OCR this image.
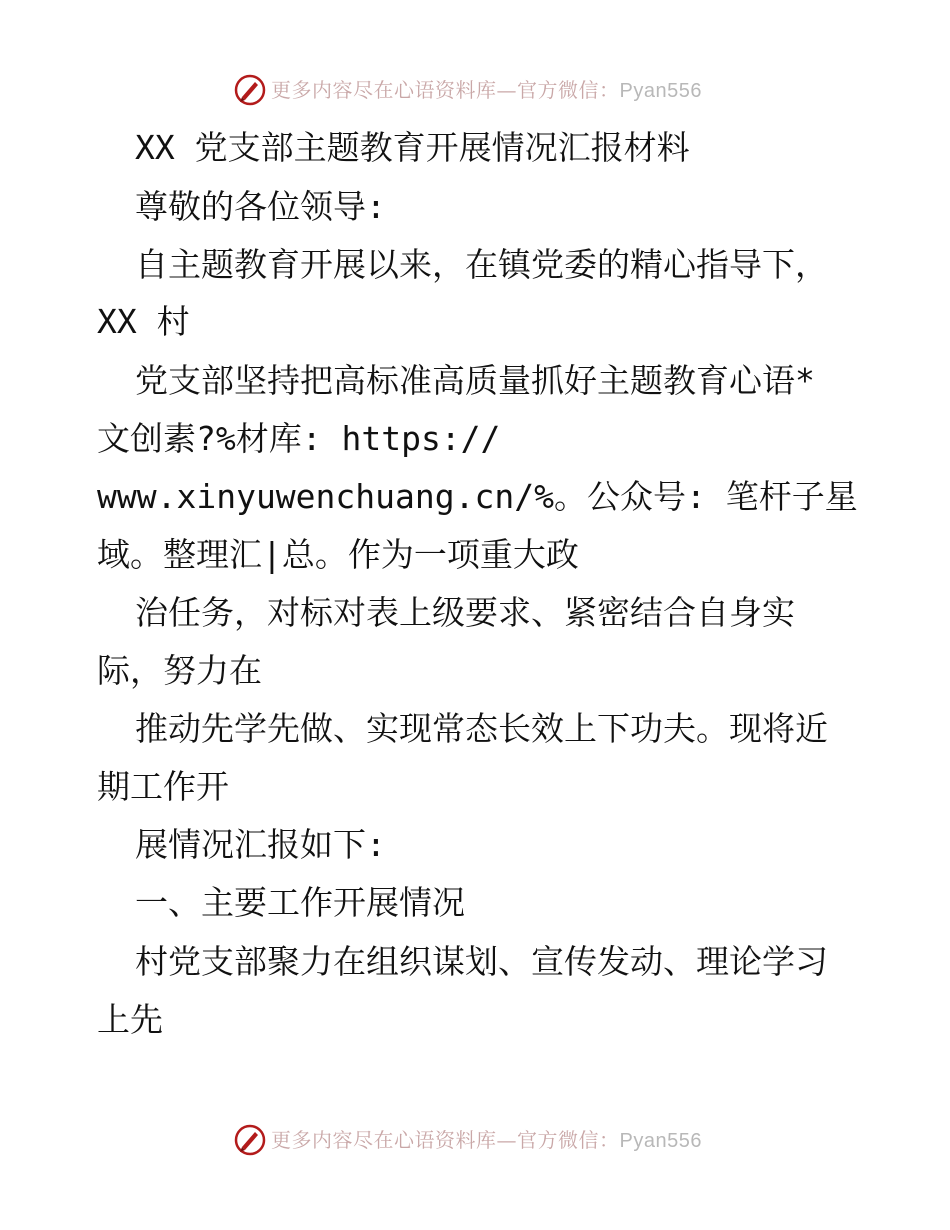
更多内容尽在心语资料库—官方微信：Pyan556
XX 党支部主题教育开展情况汇报材料
尊敬的各位领导:
自主题教育开展以来，在镇党委的精心指导下，
XX 村
党支部坚持把高标准高质量抓好主题教育心语*
文创素?%材库: https://
www.xinyuwenchuang.cn/%。公众号: 笔杆子星
域。整理汇|总。作为一项重大政
治任务，对标对表上级要求、紧密结合自身实
际，努力在
推动先学先做、实现常态长效上下功夫。现将近
期工作开
展情况汇报如下:
一、主要工作开展情况
村党支部聚力在组织谋划、宣传发动、理论学习
上先
更多内容尽在心语资料库—官方微信：Pyan556
